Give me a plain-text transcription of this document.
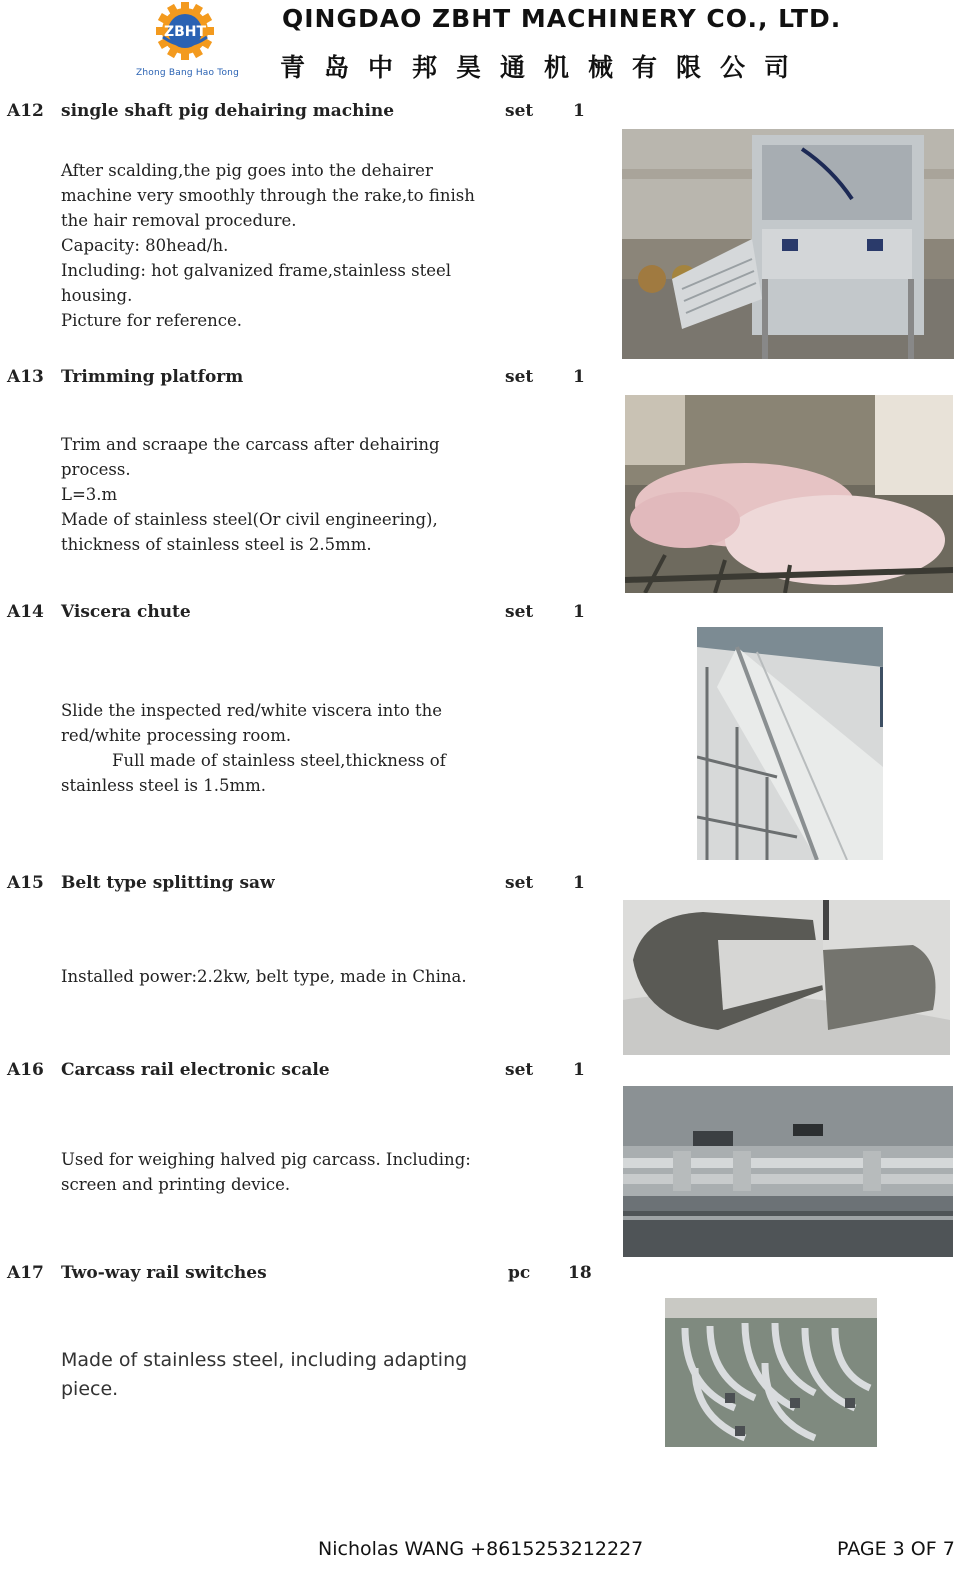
ZBHT
Zhong Bang Hao Tong
QINGDAO ZBHT MACHINERY CO., LTD.
青岛中邦昊通机械有限公司
A12 single shaft pig dehairing machine	set 1

After scalding,the pig goes into the dehairer

machine very smoothly through the rake,to finish

the hair removal procedure.

Capacity: 80head/h.

Including: hot galvanized frame,stainless steel

housing.

Picture for reference.

A13 Trimming platform	set 1

Trim and scraape the carcass after dehairing

process.

L=3.m

Made of stainless steel(Or civil engineering),

thickness of stainless steel is 2.5mm.

A14 Viscera chute	set 1

Slide the inspected red/white viscera into the

red/white processing room.

Full made of stainless steel,thickness of

stainless steel is 1.5mm.

A15 Belt type splitting saw	set 1

Installed power:2.2kw, belt type, made in China.

A16 Carcass rail electronic scale	set 1

Used for weighing halved pig carcass. Including:

screen and printing device.

A17 Two-way rail switches	pc 18

Made of stainless steel, including adapting

piece.

Nicholas WANG +8615253212227	PAGE 3 OF 7
